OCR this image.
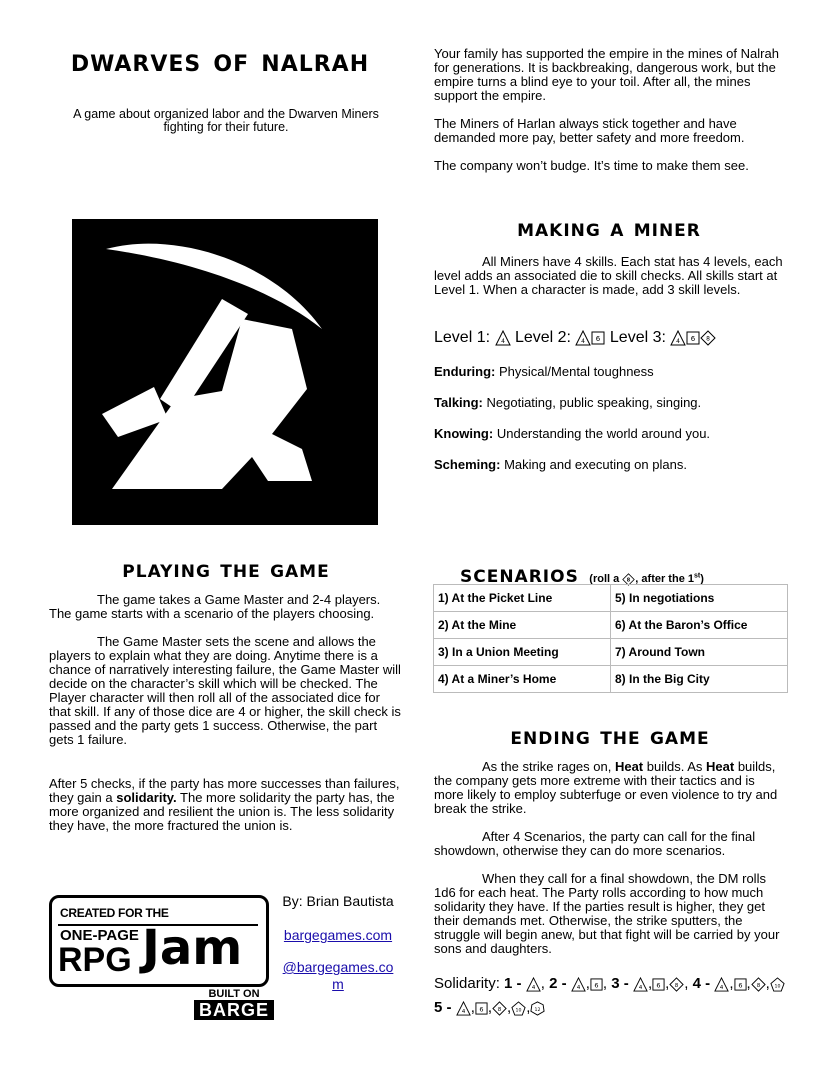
dwarves of nalrah
A game about organized labor and the Dwarven Miners fighting for their future.

Your family has supported the empire in the mines of Nalrah for generations. It is backbreaking, dangerous work, but the empire turns a blind eye to your toil. After all, the mines support the empire.

The Miners of Harlan always stick together and have demanded more pay, better safety and more freedom.

The company won’t budge. It’s time to make them see.

making a miner
All Miners have 4 skills. Each stat has 4 levels, each level adds an associated die to skill checks. All skills start at Level 1. When a character is made, add 3 skill levels.
Level 1: 4 Level 2: 4 6 Level 3: 4 6 8

Enduring: Physical/Mental toughness

Talking: Negotiating, public speaking, singing.

Knowing: Understanding the world around you.

Scheming: Making and executing on plans.

playing the game

The game takes a Game Master and 2-4 players. The game starts with a scenario of the players choosing.

The Game Master sets the scene and allows the players to explain what they are doing. Anytime there is a chance of narratively interesting failure, the Game Master will decide on the character’s skill which will be checked. The Player character will then roll all of the associated dice for that skill. If any of those dice are 4 or higher, the skill check is passed and the party gets 1 success. Otherwise, the part gets 1 failure.

After 5 checks, if the party has more successes than failures, they gain a solidarity. The more solidarity the party has, the more organized and resilient the union is. The less solidarity they have, the more fractured the union is.

scenarios (roll a 8 , after the 1st)
1) At the Picket Line	5) In negotiations
2) At the Mine	6) At the Baron’s Office
3) In a Union Meeting	7) Around Town
4) At a Miner’s Home	8) In the Big City
ending the game

As the strike rages on, Heat builds. As Heat builds, the company gets more extreme with their tactics and is more likely to employ subterfuge or even violence to try and break the strike.

After 4 Scenarios, the party can call for the final showdown, otherwise they can do more scenarios.

When they call for a final showdown, the DM rolls 1d6 for each heat. The Party rolls according to how much solidarity they have. If the parties result is higher, they get their demands met. Otherwise, the strike sputters, the struggle will begin anew, but that fight will be carried by your sons and daughters.

Solidarity: 1 - 4 , 2 - 4 , 6 , 3 - 4 , 6 , 8 , 4 - 4 , 6 , 8 , 10
5 - 4 , 6 , 8 , 10 , 12
CREATED FOR THE
ONE-PAGE
RPG Jam
BUILT ON
BARGE
By: Brian Bautista
bargegames.com
@bargegames.com
